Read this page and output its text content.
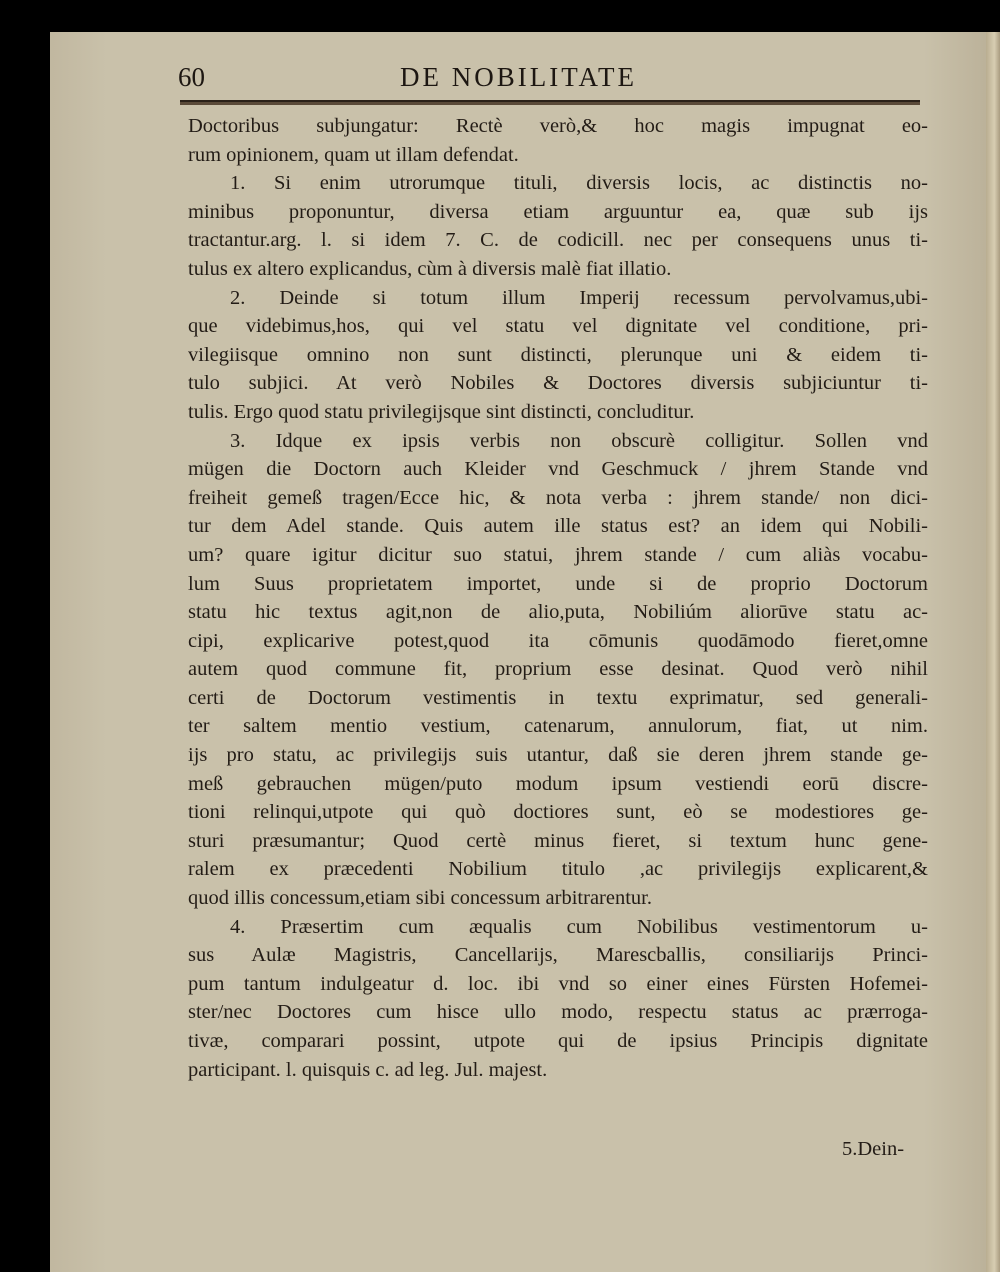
60	DE NOBILITATE
Doctoribus subjungatur: Rectè verò,& hoc magis impugnat eo-
rum opinionem, quam ut illam defendat.
1. Si enim utrorumque tituli, diversis locis, ac distinctis no-
minibus proponuntur, diversa etiam arguuntur ea, quæ sub ijs
tractantur.arg. l. si idem 7. C. de codicill. nec per consequens unus ti-
tulus ex altero explicandus, cùm à diversis malè fiat illatio.
2. Deinde si totum illum Imperij recessum pervolvamus,ubi-
que videbimus,hos, qui vel statu vel dignitate vel conditione, pri-
vilegiisque omnino non sunt distincti, plerunque uni & eidem ti-
tulo subjici. At verò Nobiles & Doctores diversis subjiciuntur ti-
tulis. Ergo quod statu privilegijsque sint distincti, concluditur.
3. Idque ex ipsis verbis non obscurè colligitur. Sollen vnd
mügen die Doctorn auch Kleider vnd Geschmuck / jhrem Stande vnd
freiheit gemeß tragen/Ecce hic, & nota verba : jhrem stande/ non dici-
tur dem Adel stande. Quis autem ille status est? an idem qui Nobili-
um? quare igitur dicitur suo statui, jhrem stande / cum aliàs vocabu-
lum Suus proprietatem importet, unde si de proprio Doctorum
statu hic textus agit,non de alio,puta, Nobiliúm aliorūve statu ac-
cipi, explicarive potest,quod ita cōmunis quodāmodo fieret,omne
autem quod commune fit, proprium esse desinat. Quod verò nihil
certi de Doctorum vestimentis in textu exprimatur, sed generali-
ter saltem mentio vestium, catenarum, annulorum, fiat, ut nim.
ijs pro statu, ac privilegijs suis utantur, daß sie deren jhrem stande ge-
meß gebrauchen mügen/puto modum ipsum vestiendi eorū discre-
tioni relinqui,utpote qui quò doctiores sunt, eò se modestiores ge-
sturi præsumantur; Quod certè minus fieret, si textum hunc gene-
ralem ex præcedenti Nobilium titulo ,ac privilegijs explicarent,&
quod illis concessum,etiam sibi concessum arbitrarentur.
4. Præsertim cum æqualis cum Nobilibus vestimentorum u-
sus Aulæ Magistris, Cancellarijs, Marescballis, consiliarijs Princi-
pum tantum indulgeatur d. loc. ibi vnd so einer eines Fürsten Hofemei-
ster/nec Doctores cum hisce ullo modo, respectu status ac prærroga-
tivæ, comparari possint, utpote qui de ipsius Principis dignitate
participant. l. quisquis c. ad leg. Jul. majest.
5.Dein-
